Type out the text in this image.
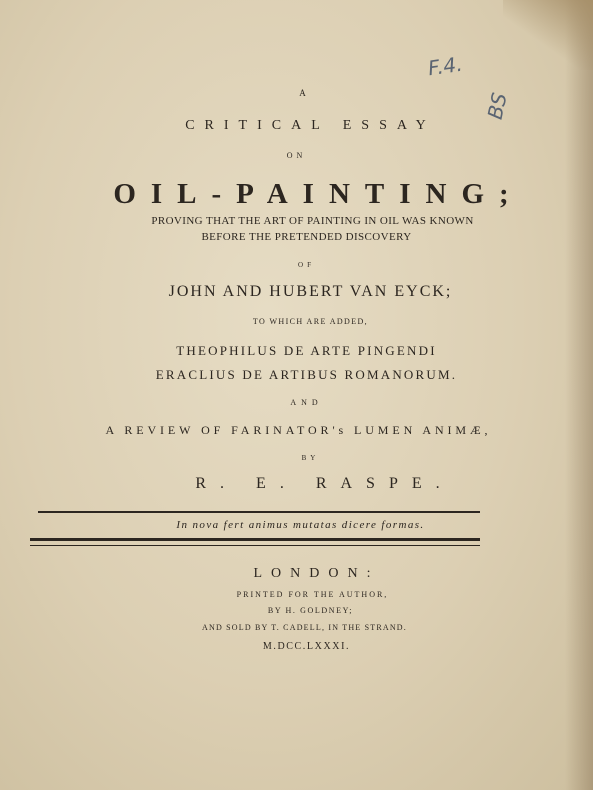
F.4.
BS
A
CRITICAL ESSAY
ON
OIL-PAINTING;
PROVING THAT THE ART OF PAINTING IN OIL WAS KNOWN
BEFORE THE PRETENDED DISCOVERY
OF
JOHN AND HUBERT VAN EYCK;
TO WHICH ARE ADDED,
THEOPHILUS DE ARTE PINGENDI
ERACLIUS DE ARTIBUS ROMANORUM.
AND
A REVIEW OF FARINATOR's LUMEN ANIMÆ,
BY
R. E. RASPE.
In nova fert animus mutatas dicere formas.
LONDON:
PRINTED FOR THE AUTHOR,
BY H. GOLDNEY;
AND SOLD BY T. CADELL, IN THE STRAND.
M.DCC.LXXXI.
